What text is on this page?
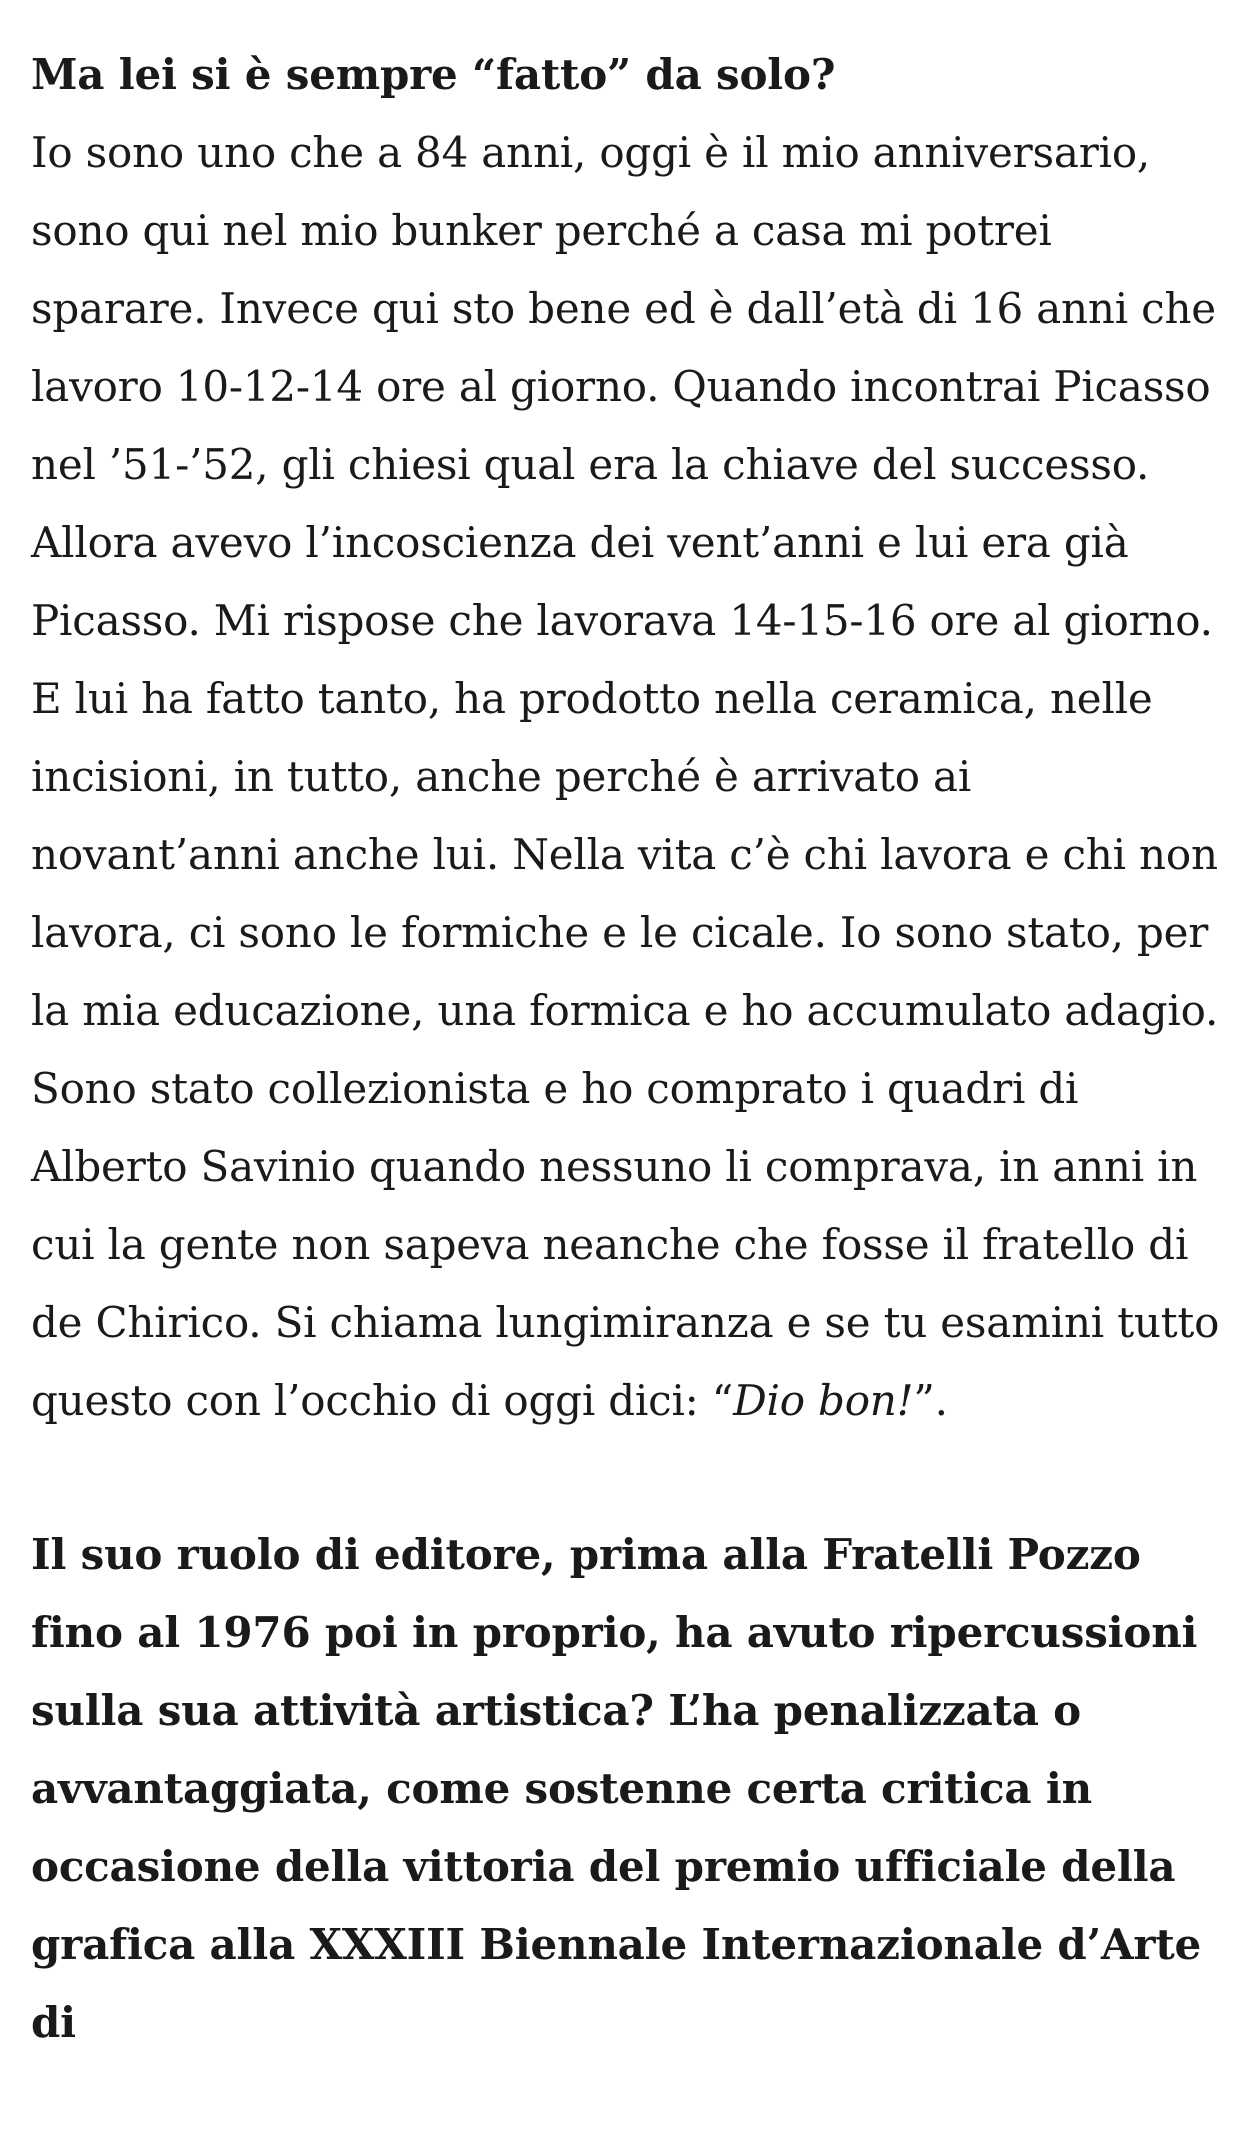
Ma lei si è sempre “fatto” da solo?

Io sono uno che a 84 anni, oggi è il mio anniversario, sono qui nel mio bunker perché a casa mi potrei sparare. Invece qui sto bene ed è dall’età di 16 anni che lavoro 10-12-14 ore al giorno. Quando incontrai Picasso nel ’51-’52, gli chiesi qual era la chiave del successo. Allora avevo l’incoscienza dei vent’anni e lui era già Picasso. Mi rispose che lavorava 14-15-16 ore al giorno. E lui ha fatto tanto, ha prodotto nella ceramica, nelle incisioni, in tutto, anche perché è arrivato ai novant’anni anche lui. Nella vita c’è chi lavora e chi non lavora, ci sono le formiche e le cicale. Io sono stato, per la mia educazione, una formica e ho accumulato adagio. Sono stato collezionista e ho comprato i quadri di Alberto Savinio quando nessuno li comprava, in anni in cui la gente non sapeva neanche che fosse il fratello di de Chirico. Si chiama lungimiranza e se tu esamini tutto questo con l’occhio di oggi dici: “Dio bon!”.

Il suo ruolo di editore, prima alla Fratelli Pozzo fino al 1976 poi in proprio, ha avuto ripercussioni sulla sua attività artistica? L’ha penalizzata o avvantaggiata, come sostenne certa critica in occasione della vittoria del premio ufficiale della grafica alla XXXIII Biennale Internazionale d’Arte di
